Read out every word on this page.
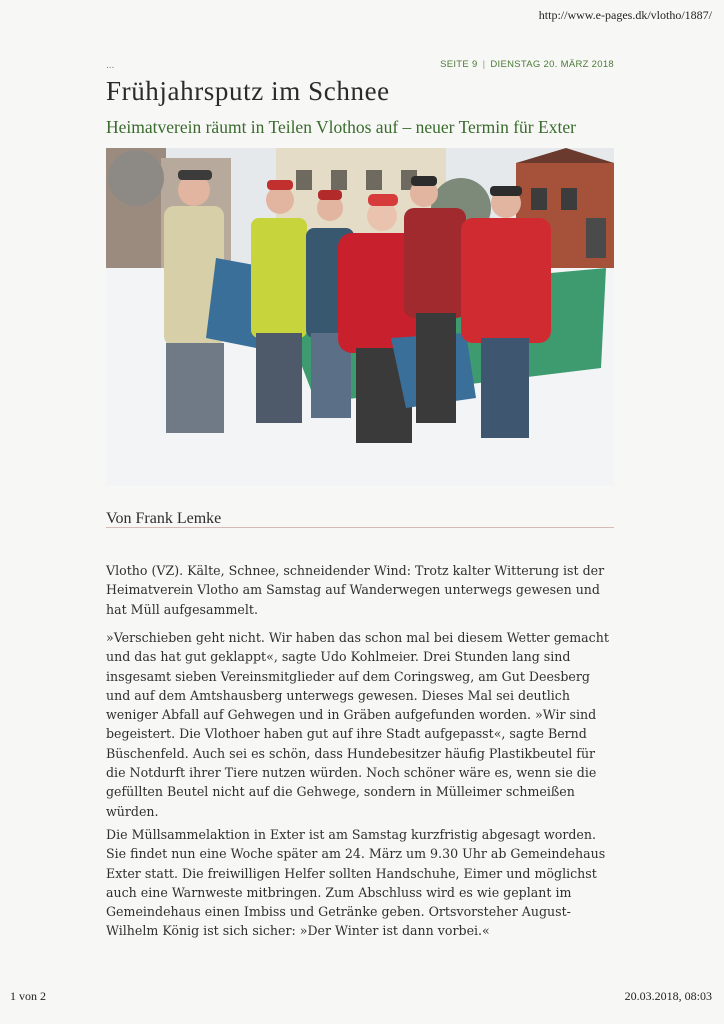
http://www.e-pages.dk/vlotho/1887/
...	SEITE 9 | DIENSTAG 20. MÄRZ 2018
Frühjahrsputz im Schnee
Heimatverein räumt in Teilen Vlothos auf – neuer Termin für Exter
Von Frank Lemke

Vlotho (VZ). Kälte, Schnee, schneidender Wind: Trotz kalter Witterung ist der Heimatverein Vlotho am Samstag auf Wanderwegen unterwegs gewesen und hat Müll aufgesammelt.

»Verschieben geht nicht. Wir haben das schon mal bei diesem Wetter gemacht und das hat gut geklappt«, sagte Udo Kohlmeier. Drei Stunden lang sind insgesamt sieben Vereinsmitglieder auf dem Coringsweg, am Gut Deesberg und auf dem Amtshausberg unterwegs gewesen. Dieses Mal sei deutlich weniger Abfall auf Gehwegen und in Gräben aufgefunden worden. »Wir sind begeistert. Die Vlothoer haben gut auf ihre Stadt aufgepasst«, sagte Bernd Büschenfeld. Auch sei es schön, dass Hundebesitzer häufig Plastikbeutel für die Notdurft ihrer Tiere nutzen würden. Noch schöner wäre es, wenn sie die gefüllten Beutel nicht auf die Gehwege, sondern in Mülleimer schmeißen würden.

Die Müllsammelaktion in Exter ist am Samstag kurzfristig abgesagt worden. Sie findet nun eine Woche später am 24. März um 9.30 Uhr ab Gemeindehaus Exter statt. Die freiwilligen Helfer sollten Handschuhe, Eimer und möglichst auch eine Warnweste mitbringen. Zum Abschluss wird es wie geplant im Gemeindehaus einen Imbiss und Getränke geben. Ortsvorsteher August-Wilhelm König ist sich sicher: »Der Winter ist dann vorbei.«

1 von 2	20.03.2018, 08:03
